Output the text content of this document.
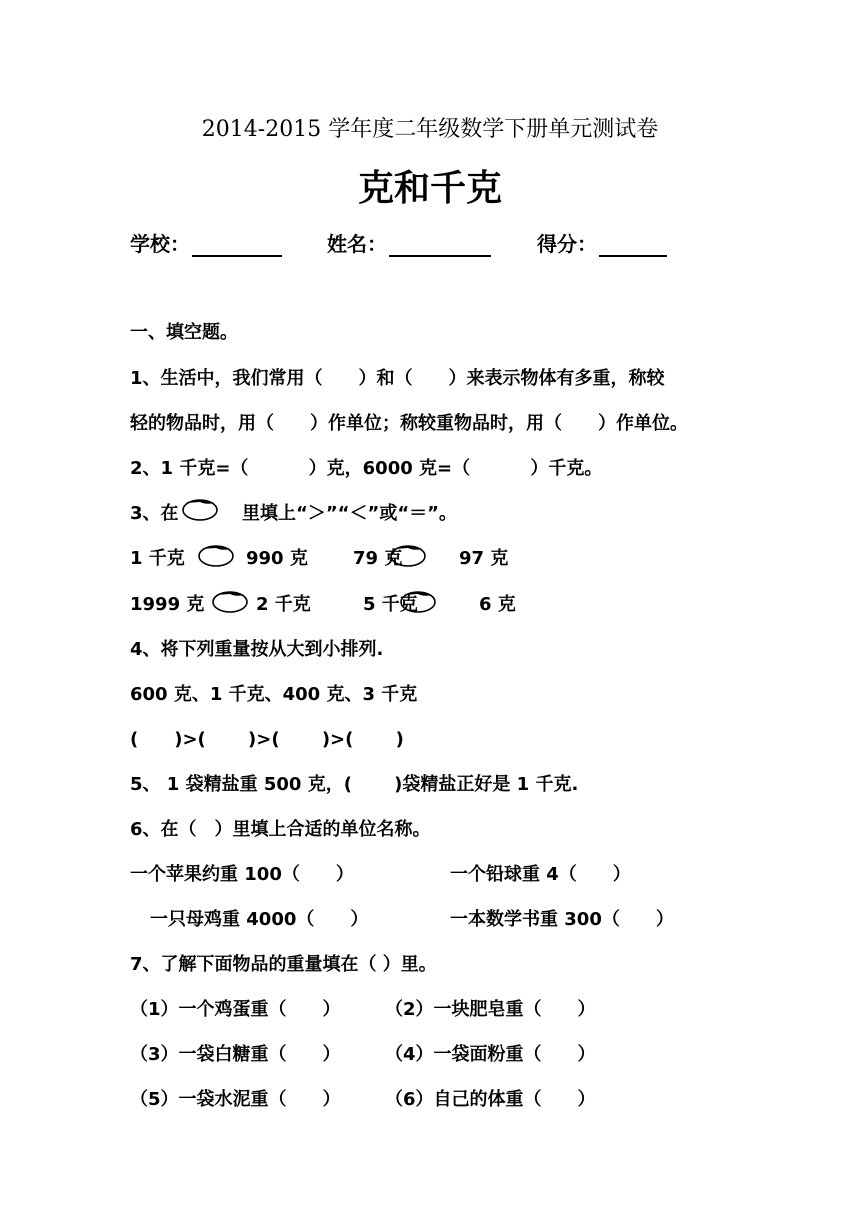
2014-2015 学年度二年级数学下册单元测试卷
克和千克
学校：	姓名：	得分：
一、填空题。
1、生活中，我们常用（　　）和（　　）来表示物体有多重，称较
轻的物品时，用（　　）作单位；称较重物品时，用（　　）作单位。
2、1 千克=（　　　 ）克，6000 克=（　　　 ）千克。
3、在	里填上“＞”“＜”或“＝”。
1 千克	990 克	79 克	97 克
1999 克	2 千克	5 千克	6 克
4、将下列重量按从大到小排列.
600 克、1 千克、400 克、3 千克
(　　)>(　　 )>(　　 )>(　　 )
5、 1 袋精盐重 500 克，(　　 )袋精盐正好是 1 千克.
6、在（　）里填上合适的单位名称。
一个苹果约重 100（　　）	一个铅球重 4（　　）
一只母鸡重 4000（　　）	一本数学书重 300（　　）
7、了解下面物品的重量填在（ ）里。
（1）一个鸡蛋重（　　） （2）一块肥皂重（　　）
（3）一袋白糖重（　　） （4）一袋面粉重（　　）
（5）一袋水泥重（　　） （6）自己的体重（　　）
